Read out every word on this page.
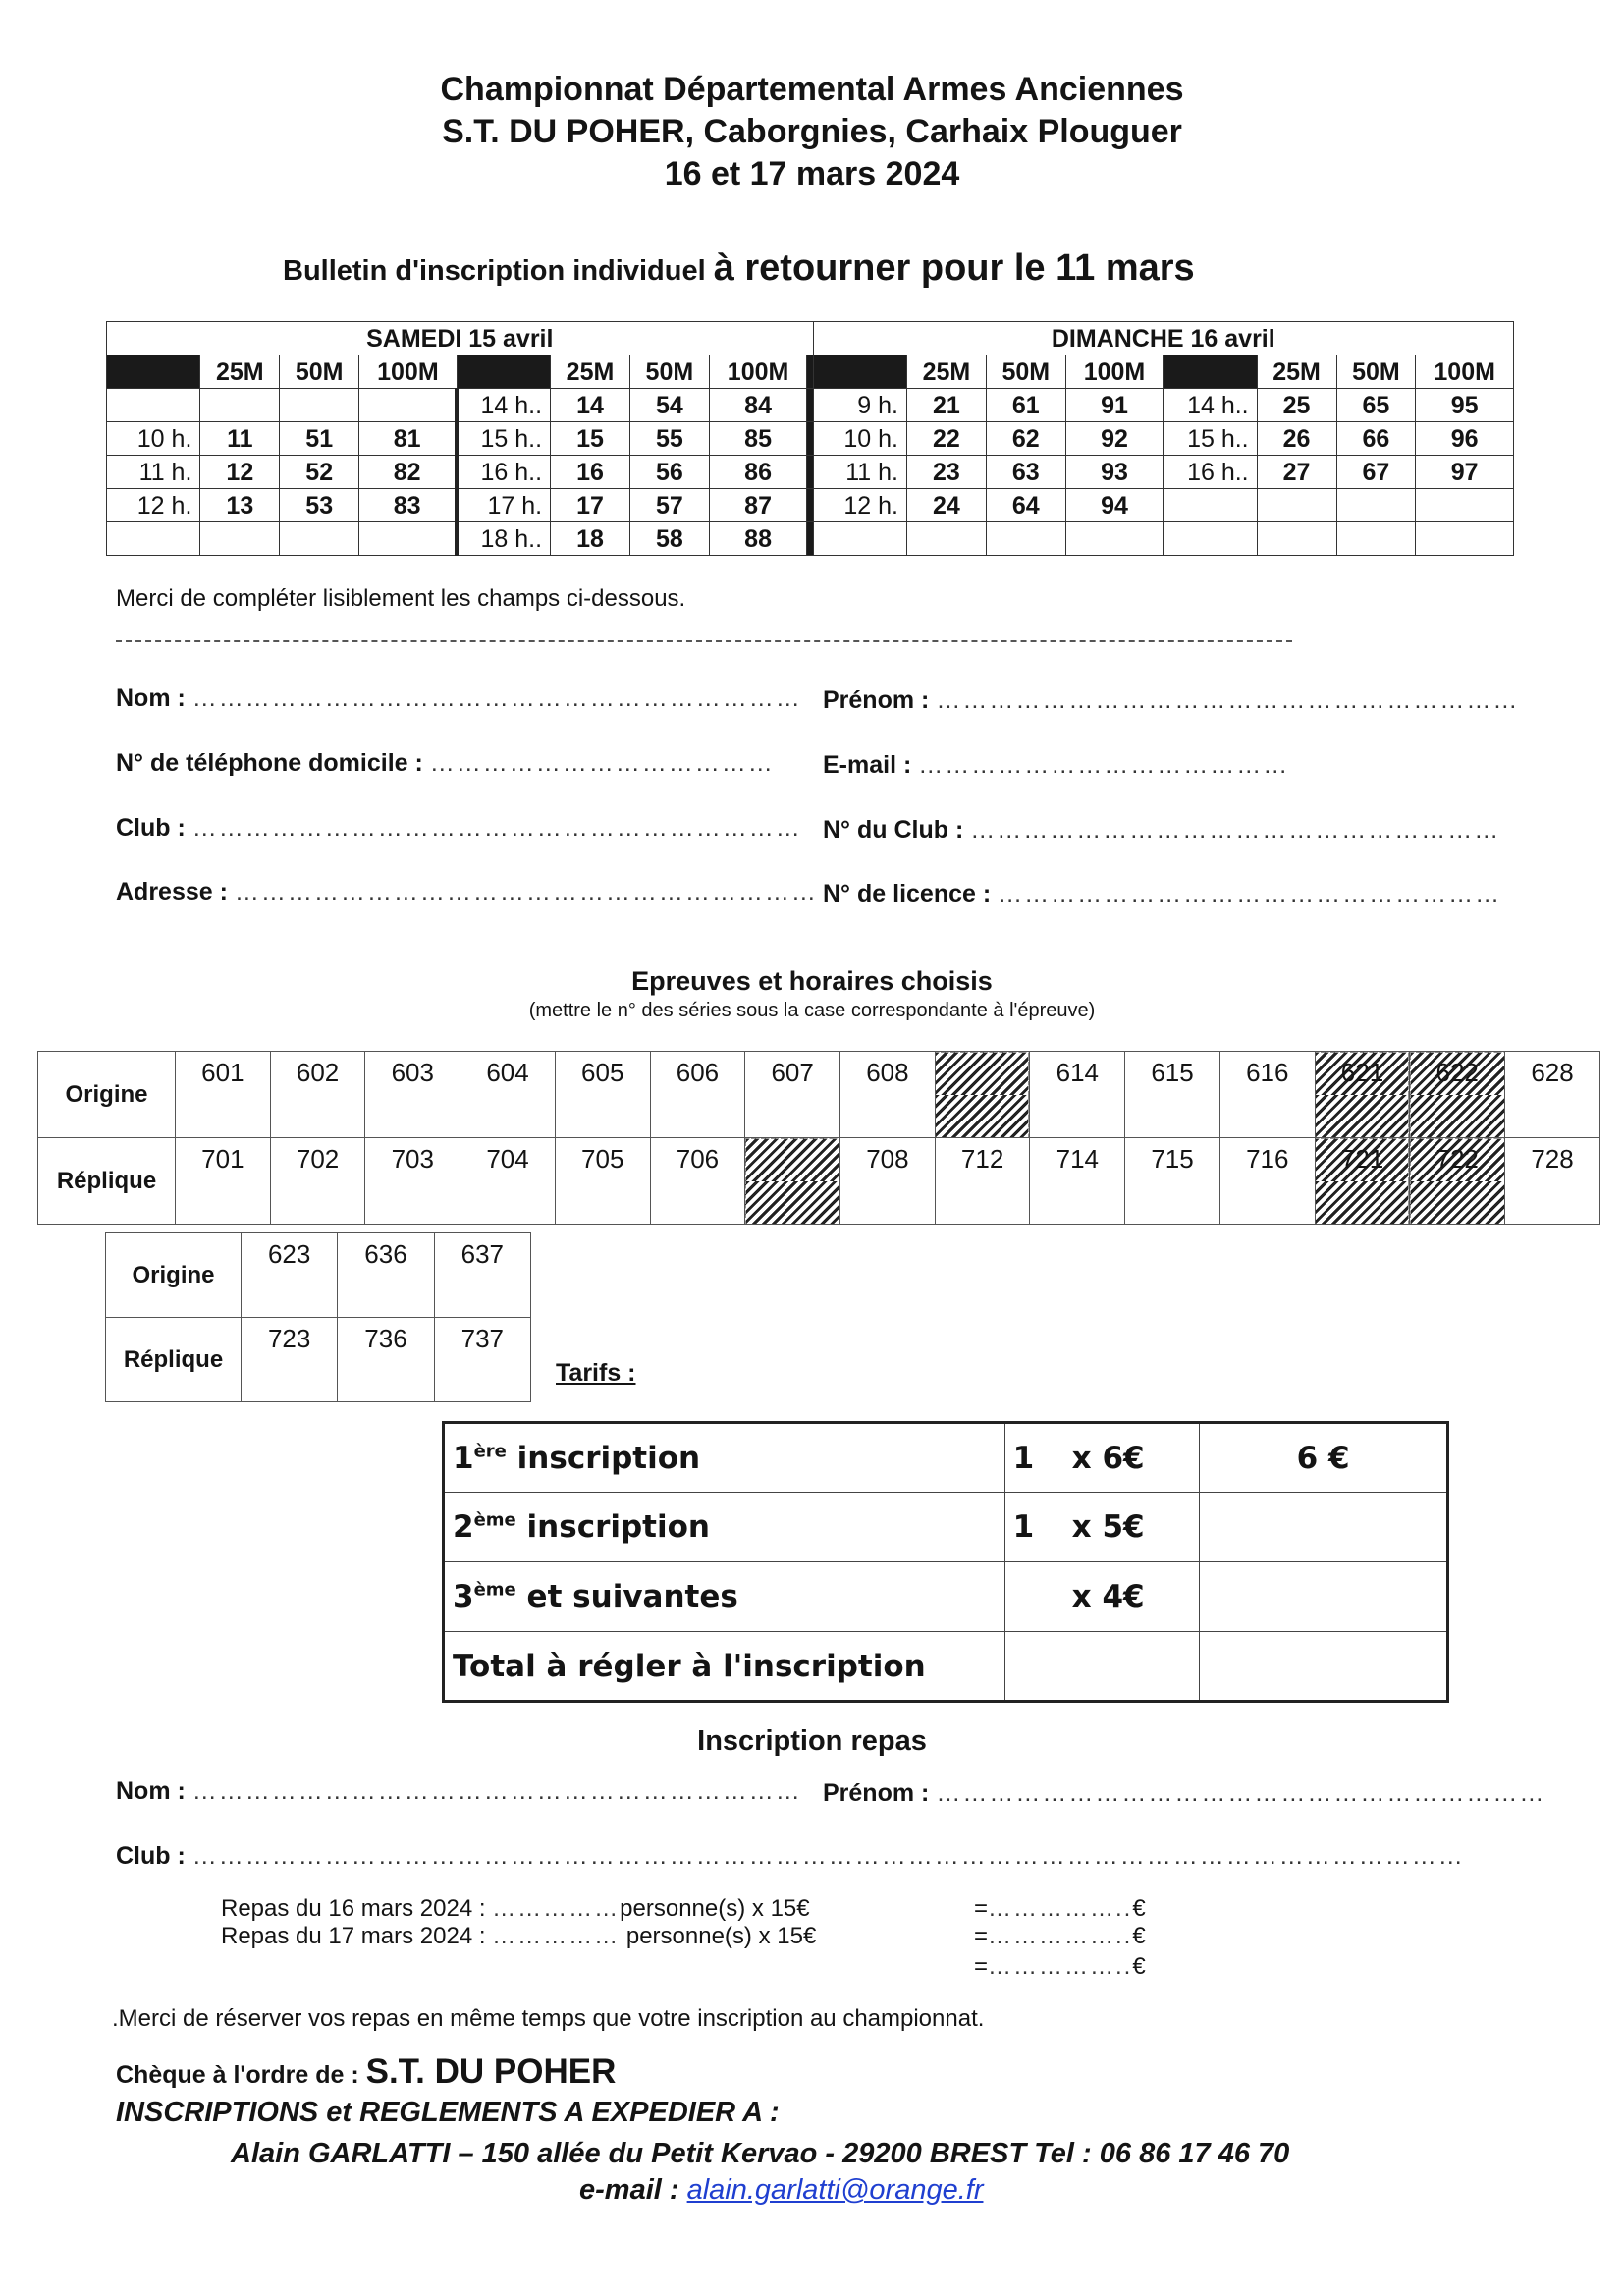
Championnat Départemental Armes Anciennes
S.T. DU POHER, Caborgnies, Carhaix Plouguer
16 et 17 mars 2024
Bulletin d'inscription individuel à retourner pour le 11 mars
SAMEDI 15 avril									DIMANCHE 16 avril							
	25M	50M	100M		25M	50M	100M			25M	50M	100M		25M	50M	100M
				14 h..	14	54	84		9 h.	21	61	91	14 h..	25	65	95
10 h.	11	51	81	15 h..	15	55	85		10 h.	22	62	92	15 h..	26	66	96
11 h.	12	52	82	16 h..	16	56	86		11 h.	23	63	93	16 h..	27	67	97
12 h.	13	53	83	17 h.	17	57	87		12 h.	24	64	94				
				18 h..	18	58	88									
Merci de compléter lisiblement les champs ci-dessous.
Nom : …………………………………………………………… Prénom : …………………………………………………………
N° de téléphone domicile : ………………………………… E-mail : ……………………………………
Club : …………………………………………………………… N° du Club : ……………………………………………………
Adresse : ………………………………………………………… N° de licence : …………………………………………………
Epreuves et horaires choisis
(mettre le n° des séries sous la case correspondante à l'épreuve)
Origine	601	602	603	604	605	606	607	608		614	615	616	621	622	628

Réplique	701	702	703	704	705	706		708	712	714	715	716	721	722	728

Origine	623	636	637

Réplique	723	736	737

Tarifs :
1ère inscription	1 x 6€	6 €
2ème inscription	1 x 5€	
3ème et suivantes	x 4€	
Total à régler à l'inscription		
Inscription repas
Nom : …………………………………………………………… Prénom : ……………………………………………………………
Club : ………………………………………………………………………………………………………………………………
Repas du 16 mars 2024 : ……………personne(s) x 15€	=……………..€
Repas du 17 mars 2024 : …………… personne(s) x 15€	=……………..€
=……………..€
.Merci de réserver vos repas en même temps que votre inscription au championnat.
Chèque à l'ordre de : S.T. DU POHER
INSCRIPTIONS et REGLEMENTS A EXPEDIER A :
Alain GARLATTI – 150 allée du Petit Kervao - 29200 BREST Tel : 06 86 17 46 70
e-mail : alain.garlatti@orange.fr
